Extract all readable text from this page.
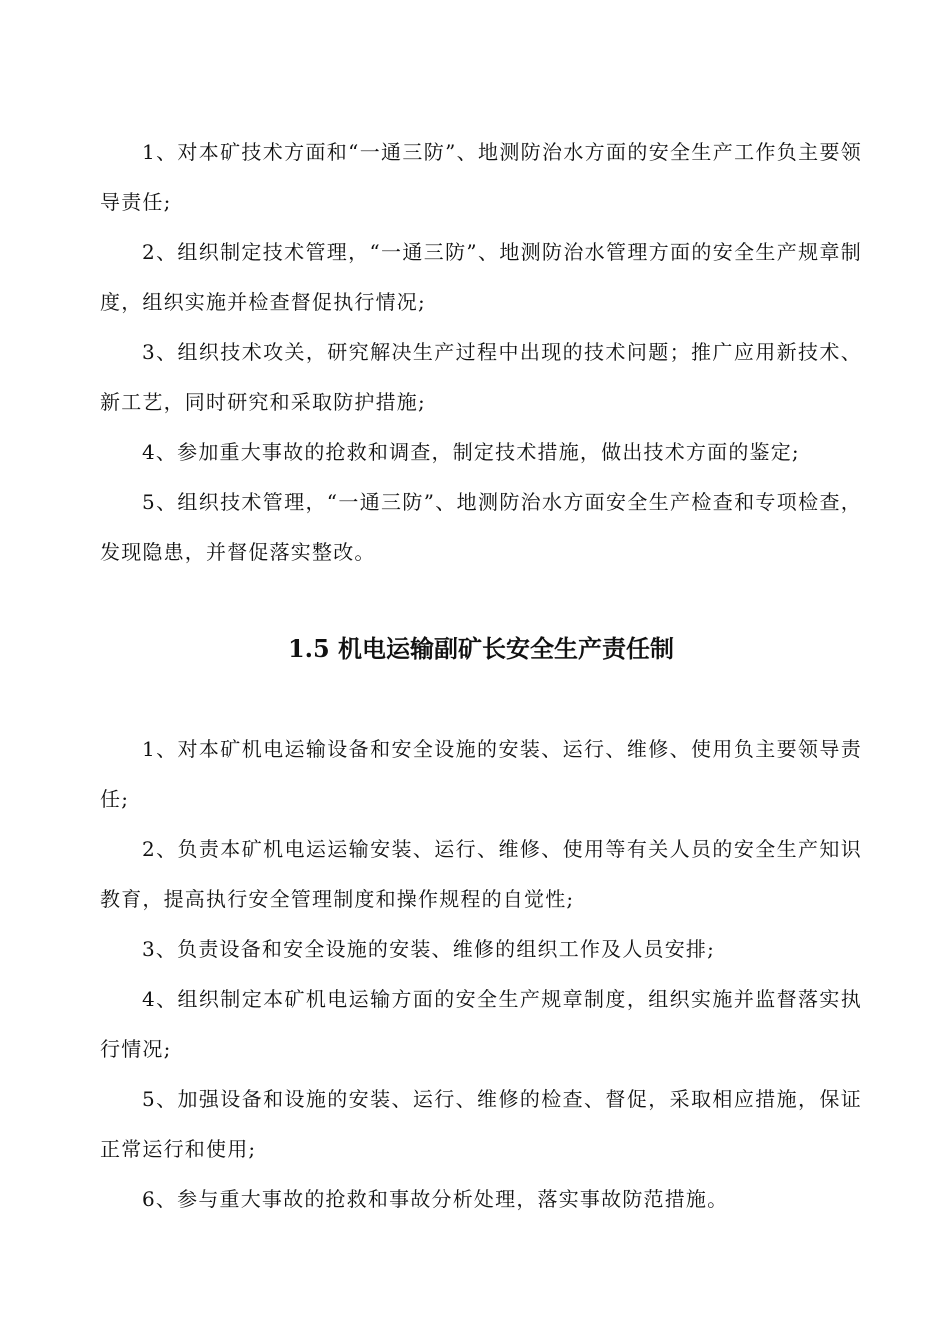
1、对本矿技术方面和“一通三防”、地测防治水方面的安全生产工作负主要领导责任;

2、组织制定技术管理，“一通三防”、地测防治水管理方面的安全生产规章制度，组织实施并检查督促执行情况;

3、组织技术攻关，研究解决生产过程中出现的技术问题；推广应用新技术、新工艺，同时研究和采取防护措施;

4、参加重大事故的抢救和调查，制定技术措施，做出技术方面的鉴定;

5、组织技术管理，“一通三防”、地测防治水方面安全生产检查和专项检查，发现隐患，并督促落实整改。

1.5 机电运输副矿长安全生产责任制

1、对本矿机电运输设备和安全设施的安装、运行、维修、使用负主要领导责任;

2、负责本矿机电运运输安装、运行、维修、使用等有关人员的安全生产知识教育，提高执行安全管理制度和操作规程的自觉性;

3、负责设备和安全设施的安装、维修的组织工作及人员安排;

4、组织制定本矿机电运输方面的安全生产规章制度，组织实施并监督落实执行情况;

5、加强设备和设施的安装、运行、维修的检查、督促，采取相应措施，保证正常运行和使用;

6、参与重大事故的抢救和事故分析处理，落实事故防范措施。
